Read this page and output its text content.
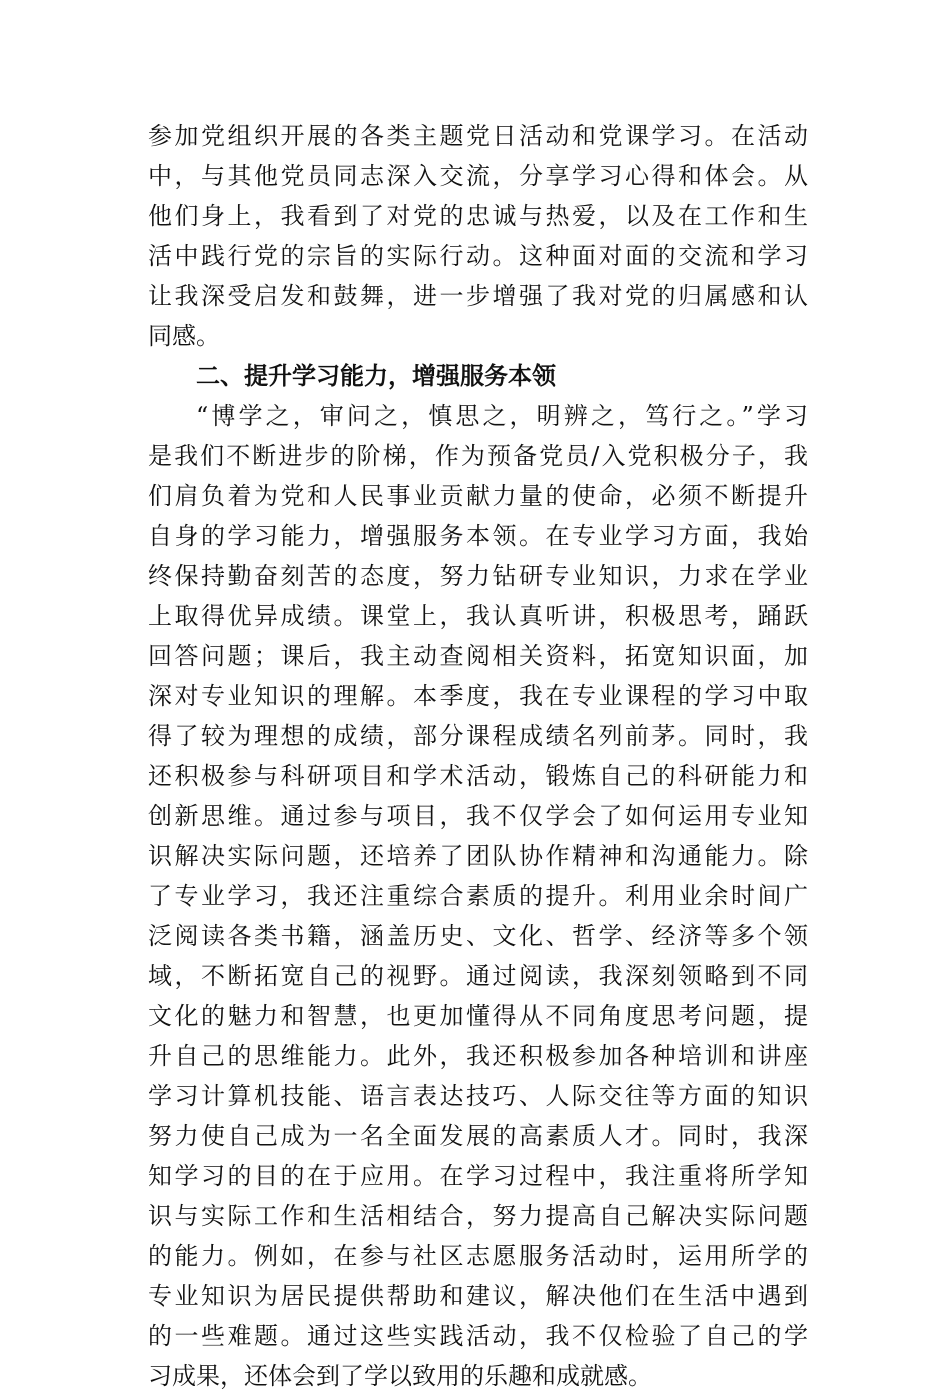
参加党组织开展的各类主题党日活动和党课学习。在活动
中，与其他党员同志深入交流，分享学习心得和体会。从
他们身上，我看到了对党的忠诚与热爱，以及在工作和生
活中践行党的宗旨的实际行动。这种面对面的交流和学习
让我深受启发和鼓舞，进一步增强了我对党的归属感和认
同感。
二、提升学习能力，增强服务本领
“博学之，审问之，慎思之，明辨之，笃行之。”学习
是我们不断进步的阶梯，作为预备党员/入党积极分子，我
们肩负着为党和人民事业贡献力量的使命，必须不断提升
自身的学习能力，增强服务本领。在专业学习方面，我始
终保持勤奋刻苦的态度，努力钻研专业知识，力求在学业
上取得优异成绩。课堂上，我认真听讲，积极思考，踊跃
回答问题；课后，我主动查阅相关资料，拓宽知识面，加
深对专业知识的理解。本季度，我在专业课程的学习中取
得了较为理想的成绩，部分课程成绩名列前茅。同时，我
还积极参与科研项目和学术活动，锻炼自己的科研能力和
创新思维。通过参与项目，我不仅学会了如何运用专业知
识解决实际问题，还培养了团队协作精神和沟通能力。除
了专业学习，我还注重综合素质的提升。利用业余时间广
泛阅读各类书籍，涵盖历史、文化、哲学、经济等多个领
域，不断拓宽自己的视野。通过阅读，我深刻领略到不同
文化的魅力和智慧，也更加懂得从不同角度思考问题，提
升自己的思维能力。此外，我还积极参加各种培训和讲座
学习计算机技能、语言表达技巧、人际交往等方面的知识
努力使自己成为一名全面发展的高素质人才。同时，我深
知学习的目的在于应用。在学习过程中，我注重将所学知
识与实际工作和生活相结合，努力提高自己解决实际问题
的能力。例如，在参与社区志愿服务活动时，运用所学的
专业知识为居民提供帮助和建议，解决他们在生活中遇到
的一些难题。通过这些实践活动，我不仅检验了自己的学
习成果，还体会到了学以致用的乐趣和成就感。
